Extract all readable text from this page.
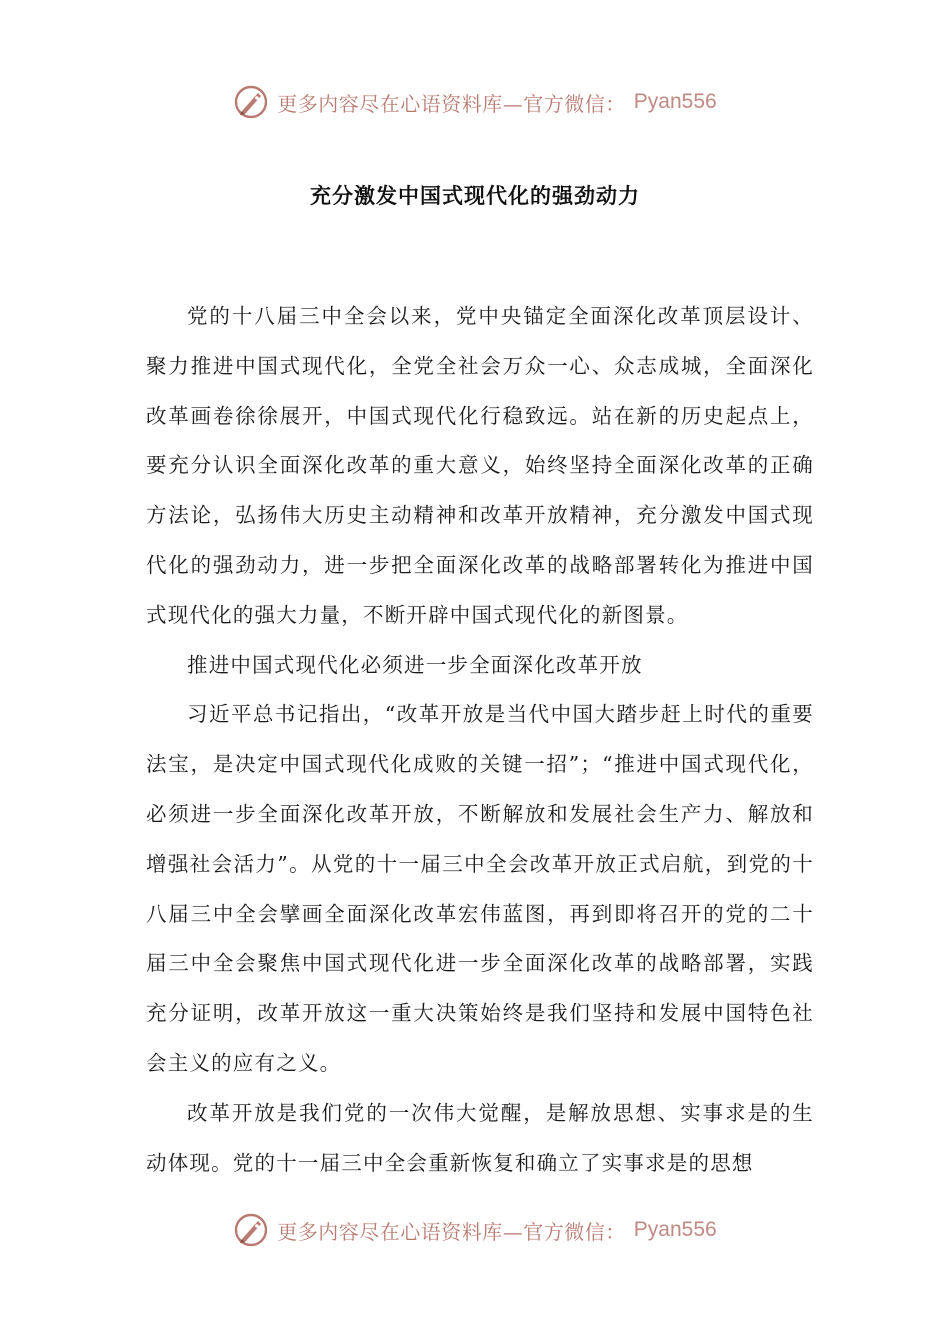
更多内容尽在心语资料库—官方微信： Pyan556
充分激发中国式现代化的强劲动力

党的十八届三中全会以来，党中央锚定全面深化改革顶层设计、聚力推进中国式现代化，全党全社会万众一心、众志成城，全面深化改革画卷徐徐展开，中国式现代化行稳致远。站在新的历史起点上，要充分认识全面深化改革的重大意义，始终坚持全面深化改革的正确方法论，弘扬伟大历史主动精神和改革开放精神，充分激发中国式现代化的强劲动力，进一步把全面深化改革的战略部署转化为推进中国式现代化的强大力量，不断开辟中国式现代化的新图景。

推进中国式现代化必须进一步全面深化改革开放

习近平总书记指出，“改革开放是当代中国大踏步赶上时代的重要法宝，是决定中国式现代化成败的关键一招”；“推进中国式现代化，必须进一步全面深化改革开放，不断解放和发展社会生产力、解放和增强社会活力”。从党的十一届三中全会改革开放正式启航，到党的十八届三中全会擘画全面深化改革宏伟蓝图，再到即将召开的党的二十届三中全会聚焦中国式现代化进一步全面深化改革的战略部署，实践充分证明，改革开放这一重大决策始终是我们坚持和发展中国特色社会主义的应有之义。

改革开放是我们党的一次伟大觉醒，是解放思想、实事求是的生动体现。党的十一届三中全会重新恢复和确立了实事求是的思想

更多内容尽在心语资料库—官方微信： Pyan556
